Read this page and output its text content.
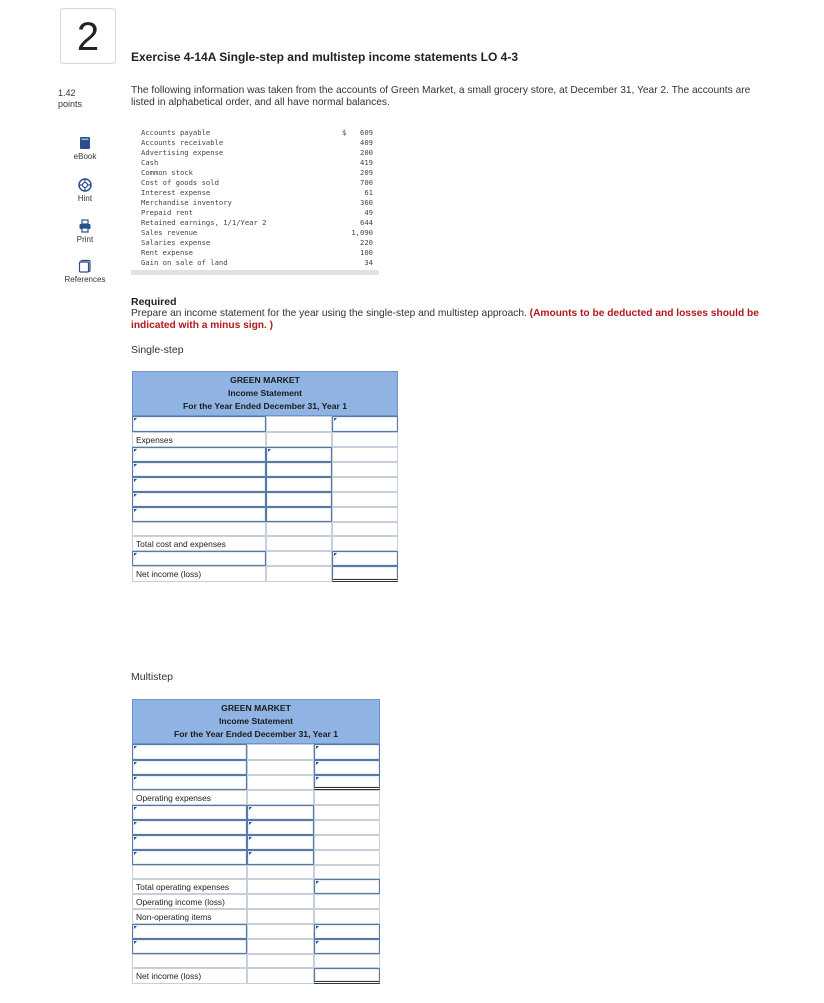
2
1.42
points
eBook
Hint
Print
References
Exercise 4-14A Single-step and multistep income statements LO 4-3
The following information was taken from the accounts of Green Market, a small grocery store, at December 31, Year 2. The accounts are listed in alphabetical order, and all have normal balances.
Accounts payable	$ 609
Accounts receivable	409
Advertising expense	200
Cash	419
Common stock	209
Cost of goods sold	700
Interest expense	61
Merchandise inventory	360
Prepaid rent	49
Retained earnings, 1/1/Year 2	644
Sales revenue	1,090
Salaries expense	220
Rent expense	100
Gain on sale of land	34
Required
Prepare an income statement for the year using the single-step and multistep approach. (Amounts to be deducted and losses should be indicated with a minus sign. )
Single-step
GREEN MARKET
Income Statement
For the Year Ended December 31, Year 1
Expenses
Total cost and expenses
Net income (loss)
Multistep
GREEN MARKET
Income Statement
For the Year Ended December 31, Year 1
Operating expenses
Total operating expenses
Operating income (loss)
Non-operating items
Net income (loss)
